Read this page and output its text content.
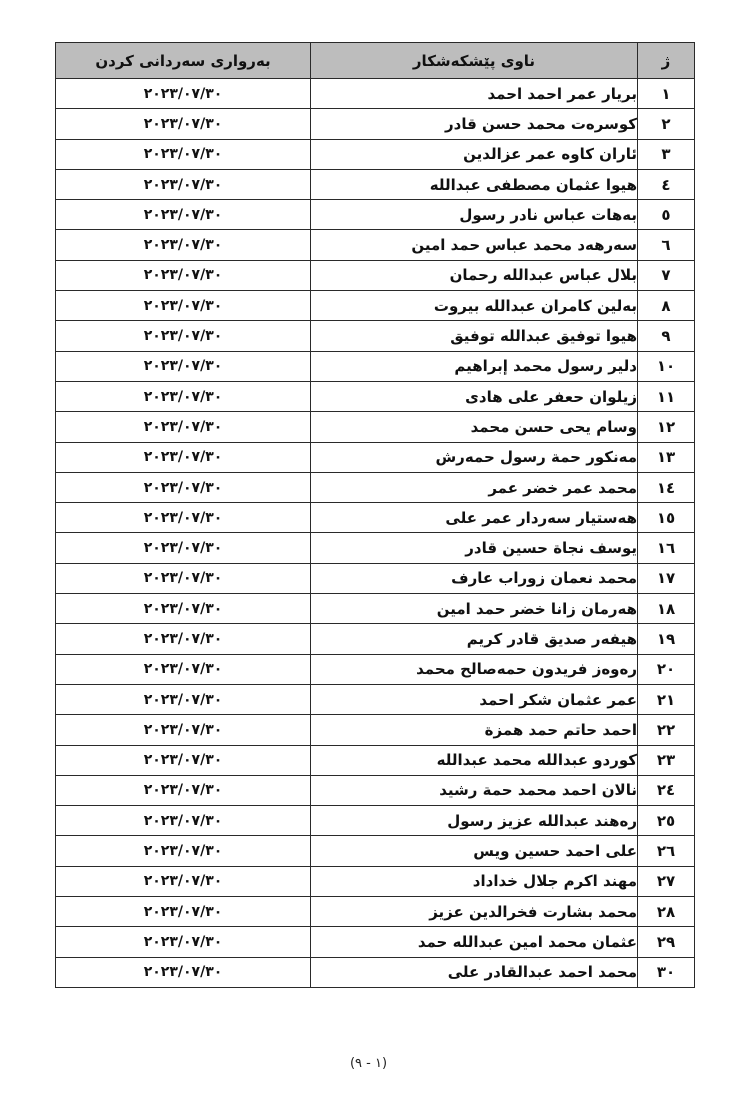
ژ	ناوی پێشکەشکار	بەرواری سەردانی کردن
١	بریار عمر احمد احمد	٢٠٢٣/٠٧/٣٠
٢	کوسرەت محمد حسن قادر	٢٠٢٣/٠٧/٣٠
٣	ئاران کاوە عمر عزالدین	٢٠٢٣/٠٧/٣٠
٤	هیوا عثمان مصطفی عبدالله	٢٠٢٣/٠٧/٣٠
٥	بەهات عباس نادر رسول	٢٠٢٣/٠٧/٣٠
٦	سەرهەد محمد عباس حمد امین	٢٠٢٣/٠٧/٣٠
٧	بلال عباس عبدالله رحمان	٢٠٢٣/٠٧/٣٠
٨	بەلین کامران عبدالله بیروت	٢٠٢٣/٠٧/٣٠
٩	هیوا توفیق عبدالله توفیق	٢٠٢٣/٠٧/٣٠
١٠	دلیر رسول محمد إبراهیم	٢٠٢٣/٠٧/٣٠
١١	زیلوان حعفر علی هادی	٢٠٢٣/٠٧/٣٠
١٢	وسام یحی حسن محمد	٢٠٢٣/٠٧/٣٠
١٣	مەنکور حمة رسول حمەرش	٢٠٢٣/٠٧/٣٠
١٤	محمد عمر خضر عمر	٢٠٢٣/٠٧/٣٠
١٥	هەستیار سەردار عمر علی	٢٠٢٣/٠٧/٣٠
١٦	یوسف نجاة حسین قادر	٢٠٢٣/٠٧/٣٠
١٧	محمد نعمان زوراب عارف	٢٠٢٣/٠٧/٣٠
١٨	هەرمان زانا خضر حمد امین	٢٠٢٣/٠٧/٣٠
١٩	هیفەر صدیق قادر کریم	٢٠٢٣/٠٧/٣٠
٢٠	رەوەز فریدون حمەصالح محمد	٢٠٢٣/٠٧/٣٠
٢١	عمر عثمان شکر احمد	٢٠٢٣/٠٧/٣٠
٢٢	احمد حاتم حمد همزة	٢٠٢٣/٠٧/٣٠
٢٣	کوردو عبدالله محمد عبدالله	٢٠٢٣/٠٧/٣٠
٢٤	نالان احمد محمد حمة رشید	٢٠٢٣/٠٧/٣٠
٢٥	رەهند عبدالله عزیز رسول	٢٠٢٣/٠٧/٣٠
٢٦	علی احمد حسین ویس	٢٠٢٣/٠٧/٣٠
٢٧	مهند اکرم جلال خداداد	٢٠٢٣/٠٧/٣٠
٢٨	محمد بشارت فخرالدین عزیز	٢٠٢٣/٠٧/٣٠
٢٩	عثمان محمد امین عبدالله حمد	٢٠٢٣/٠٧/٣٠
٣٠	محمد احمد عبدالقادر علی	٢٠٢٣/٠٧/٣٠
(١ - ٩)
